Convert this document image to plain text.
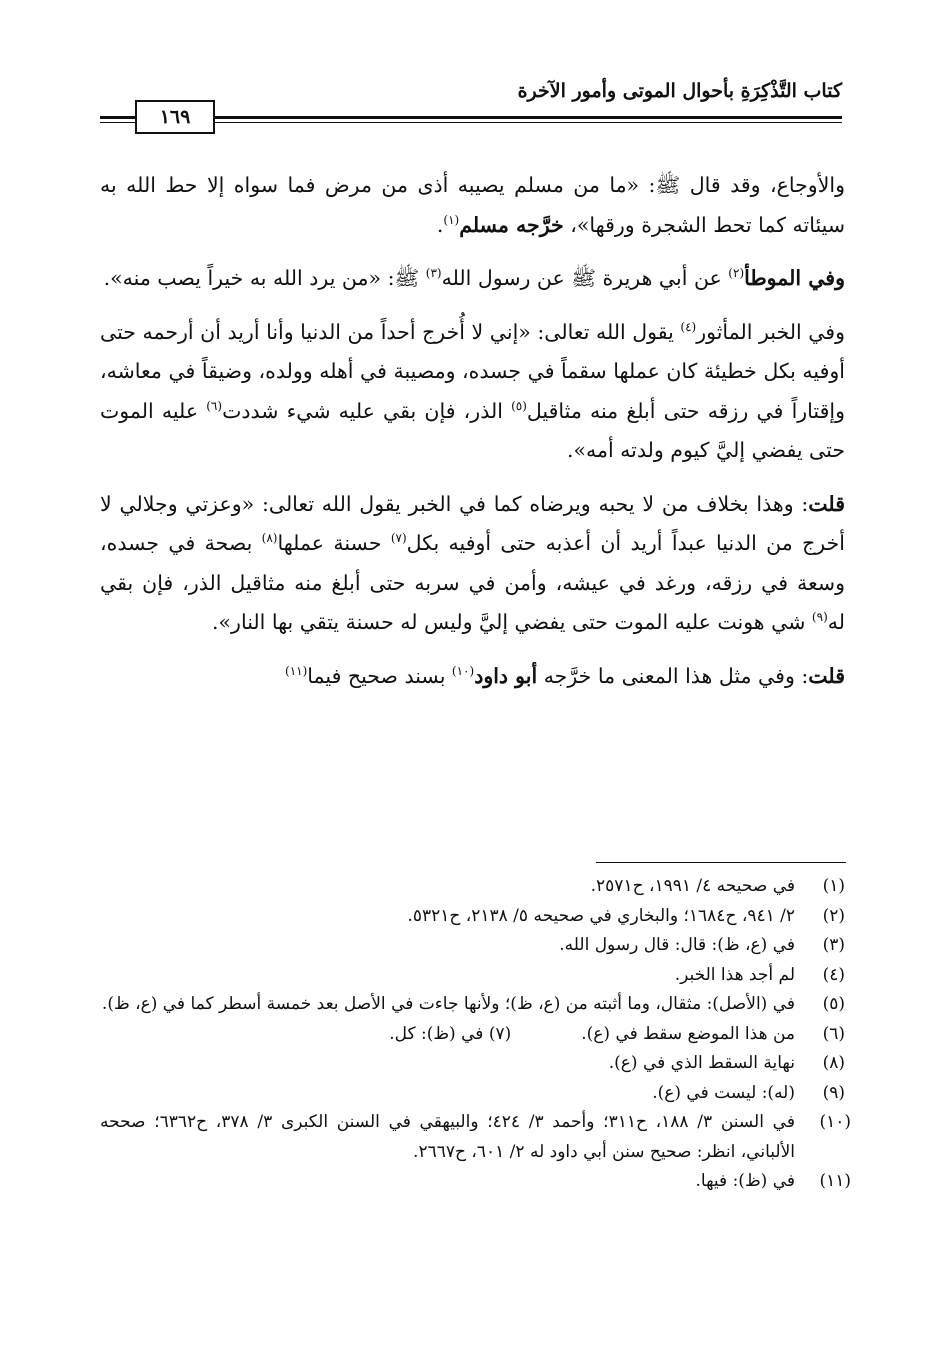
كتاب التَّذْكِرَةِ بأحوال الموتى وأمور الآخرة
١٦٩

والأوجاع، وقد قال ﷺ: «ما من مسلم يصيبه أذى من مرض فما سواه إلا حط الله به سيئاته كما تحط الشجرة ورقها»، خرَّجه مسلم$^{(١)}$.

وفي الموطأ$^{(٢)}$ عن أبي هريرة ﷺ عن رسول الله$^{(٣)}$ ﷺ: «من يرد الله به خيراً يصب منه».

وفي الخبر المأثور$^{(٤)}$ يقول الله تعالى: «إني لا أُخرج أحداً من الدنيا وأنا أريد أن أرحمه حتى أوفيه بكل خطيئة كان عملها سقماً في جسده، ومصيبة في أهله وولده، وضيقاً في معاشه، وإقتاراً في رزقه حتى أبلغ منه مثاقيل$^{(٥)}$ الذر، فإن بقي عليه شيء شددت$^{(٦)}$ عليه الموت حتى يفضي إليَّ كيوم ولدته أمه».

قلت: وهذا بخلاف من لا يحبه ويرضاه كما في الخبر يقول الله تعالى: «وعزتي وجلالي لا أخرج من الدنيا عبداً أريد أن أعذبه حتى أوفيه بكل$^{(٧)}$ حسنة عملها$^{(٨)}$ بصحة في جسده، وسعة في رزقه، ورغد في عيشه، وأمن في سربه حتى أبلغ منه مثاقيل الذر، فإن بقي له$^{(٩)}$ شي هونت عليه الموت حتى يفضي إليَّ وليس له حسنة يتقي بها النار».

قلت: وفي مثل هذا المعنى ما خرَّجه أبو داود$^{(١٠)}$ بسند صحيح فيما$^{(١١)}$

(١)
في صحيحه ٤/ ١٩٩١، ح٢٥٧١.
(٢)
٢/ ٩٤١، ح١٦٨٤؛ والبخاري في صحيحه ٥/ ٢١٣٨، ح٥٣٢١.
(٣)
في (ع، ظ): قال: قال رسول الله.
(٤)
لم أجد هذا الخبر.
(٥)
في (الأصل): مثقال، وما أثبته من (ع، ظ)؛ ولأنها جاءت في الأصل بعد خمسة أسطر كما في (ع، ظ).
(٦)
من هذا الموضع سقط في (ع).(٧) في (ظ): كل.
(٨)
نهاية السقط الذي في (ع).
(٩)
(له): ليست في (ع).
(١٠)
في السنن ٣/ ١٨٨، ح٣١١؛ وأحمد ٣/ ٤٢٤؛ والبيهقي في السنن الكبرى ٣/ ٣٧٨، ح٦٣٦٢؛ صححه الألباني، انظر: صحيح سنن أبي داود له ٢/ ٦٠١، ح٢٦٦٧.
(١١)
في (ظ): فيها.
